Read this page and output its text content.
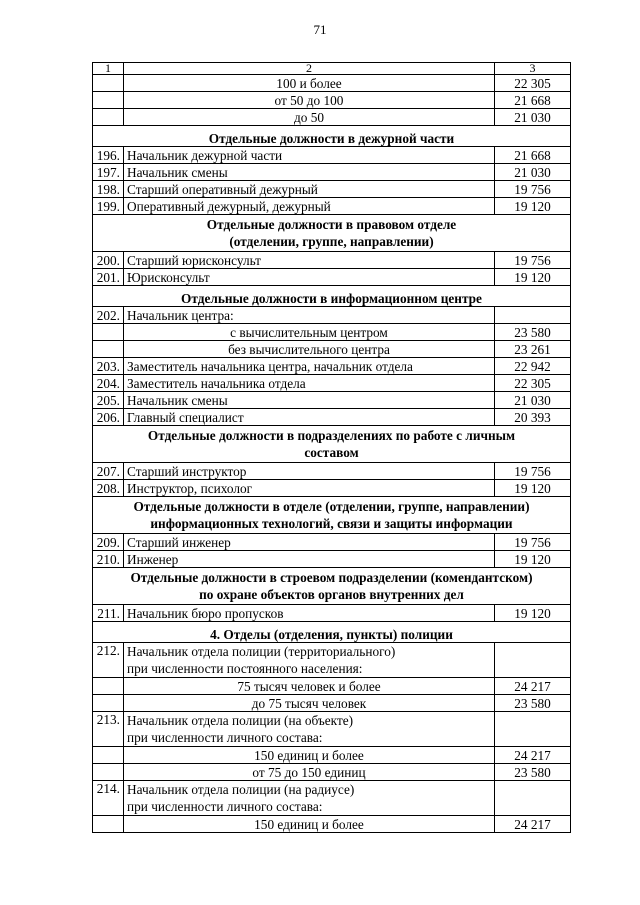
71
1	2	3
	100 и более	22 305
	от 50 до 100	21 668
	до 50	21 030
Отдельные должности в дежурной части		
196.	Начальник дежурной части	21 668
197.	Начальник смены	21 030
198.	Старший оперативный дежурный	19 756
199.	Оперативный дежурный, дежурный	19 120
Отдельные должности в правовом отделе
(отделении, группе, направлении)		
200.	Старший юрисконсульт	19 756
201.	Юрисконсульт	19 120
Отдельные должности в информационном центре		
202.	Начальник центра:	
	с вычислительным центром	23 580
	без вычислительного центра	23 261
203.	Заместитель начальника центра, начальник отдела	22 942
204.	Заместитель начальника отдела	22 305
205.	Начальник смены	21 030
206.	Главный специалист	20 393
Отдельные должности в подразделениях по работе с личным
составом		
207.	Старший инструктор	19 756
208.	Инструктор, психолог	19 120
Отдельные должности в отделе (отделении, группе, направлении)
информационных технологий, связи и защиты информации		
209.	Старший инженер	19 756
210.	Инженер	19 120
Отдельные должности в строевом подразделении (комендантском)
по охране объектов органов внутренних дел		
211.	Начальник бюро пропусков	19 120
4. Отделы (отделения, пункты) полиции		
212.	Начальник отдела полиции (территориального)
при численности постоянного населения:	
	75 тысяч человек и более	24 217
	до 75 тысяч человек	23 580
213.	Начальник отдела полиции (на объекте)
при численности личного состава:	
	150 единиц и более	24 217
	от 75 до 150 единиц	23 580
214.	Начальник отдела полиции (на радиусе)
при численности личного состава:	
	150 единиц и более	24 217
